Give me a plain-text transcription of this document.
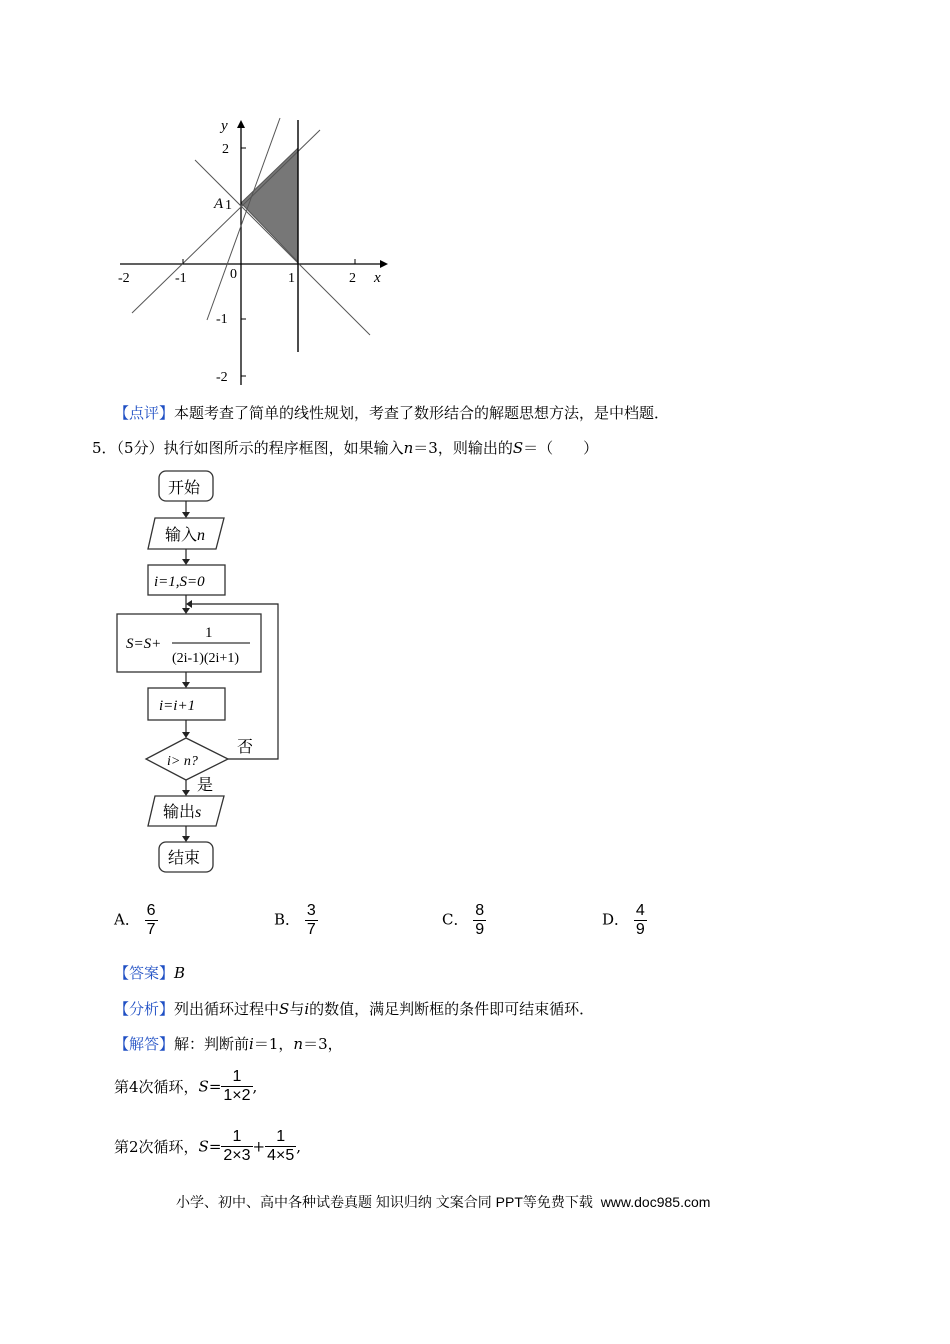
-2	-1	0	1	2
2
1
-1
-2
x
y
A
【点评】本题考查了简单的线性规划，考查了数形结合的解题思想方法，是中档题．
5．（5分）执行如图所示的程序框图，如果输入n＝3，则输出的S＝（　　）
开始
输入n
i=1,S=0
S=S+
1
(2i-1)(2i+1)
i=i+1
i> n?
否
是
输出s
结束
A． $\frac{6}{7}$	B． $\frac{3}{7}$	C． $\frac{8}{9}$	D． $\frac{4}{9}$
【答案】B
【分析】列出循环过程中S与i的数值，满足判断框的条件即可结束循环．
【解答】解：判断前i＝1，n＝3，
第4次循环，$S= \frac{1}{1\times 2}$ ,
第2次循环，$S= \frac{1}{2\times 3} + \frac{1}{4\times 5}$ ,
小学、初中、高中各种试卷真题 知识归纳 文案合同 PPT等免费下载 www.doc985.com
